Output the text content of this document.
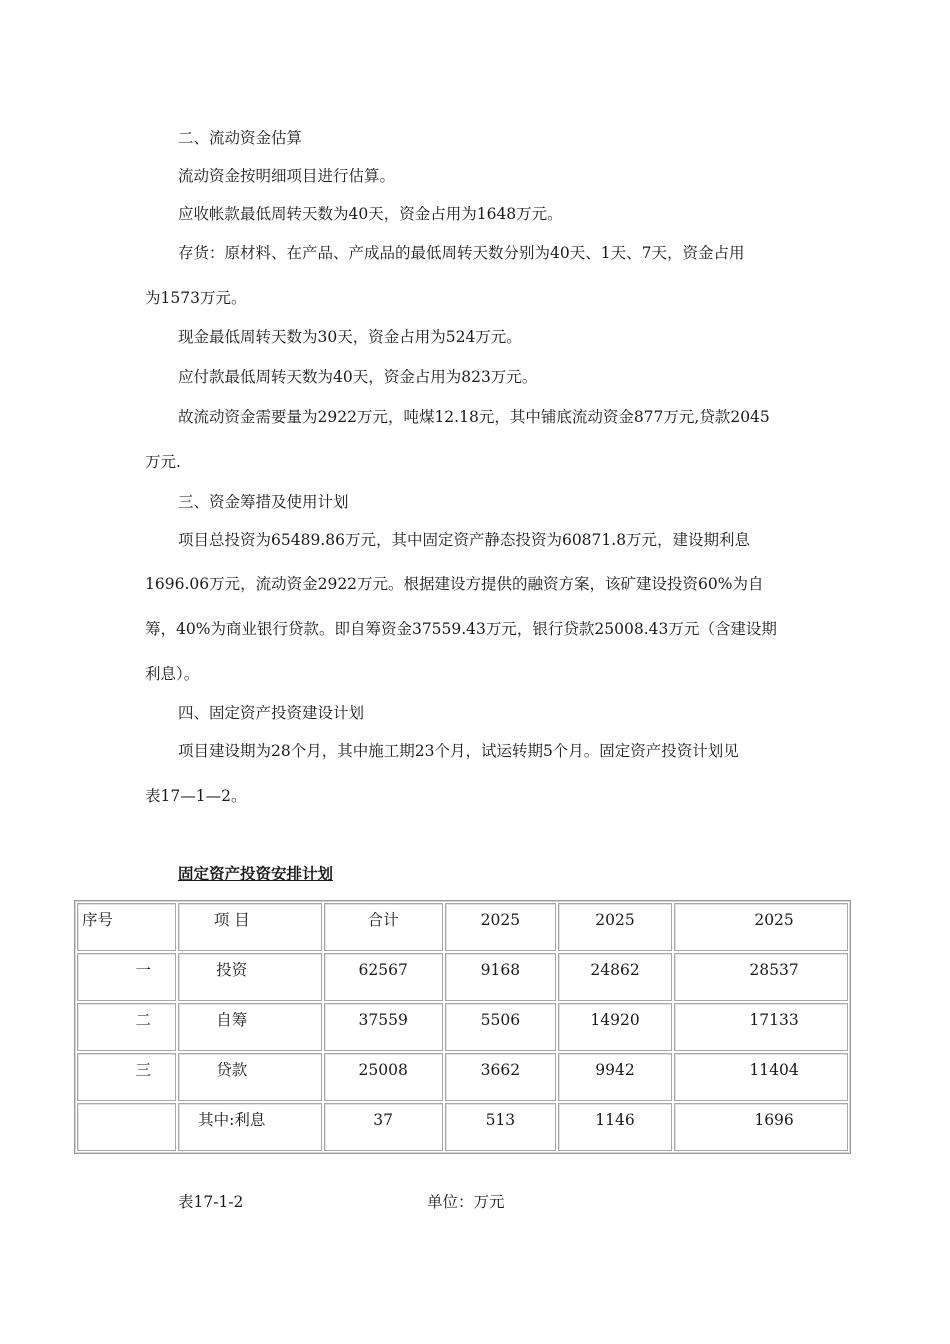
二、流动资金估算
流动资金按明细项目进行估算。
应收帐款最低周转天数为40天，资金占用为1648万元。
存货：原材料、在产品、产成品的最低周转天数分别为40天、1天、7天，资金占用
为1573万元。
现金最低周转天数为30天，资金占用为524万元。
应付款最低周转天数为40天，资金占用为823万元。
故流动资金需要量为2922万元，吨煤12.18元，其中铺底流动资金877万元,贷款2045
万元.
三、资金筹措及使用计划
项目总投资为65489.86万元，其中固定资产静态投资为60871.8万元，建设期利息
1696.06万元，流动资金2922万元。根据建设方提供的融资方案，该矿建设投资60%为自
筹，40%为商业银行贷款。即自筹资金37559.43万元，银行贷款25008.43万元（含建设期
利息）。
四、固定资产投资建设计划
项目建设期为28个月，其中施工期23个月，试运转期5个月。固定资产投资计划见
表17—1—2。
固定资产投资安排计划
序号	项 目	合计	2025	2025	2025
一	投资	62567	9168	24862	28537
二	自筹	37559	5506	14920	17133
三	贷款	25008	3662	9942	11404
	其中:利息	37	513	1146	1696
表17-1-2	单位：万元
